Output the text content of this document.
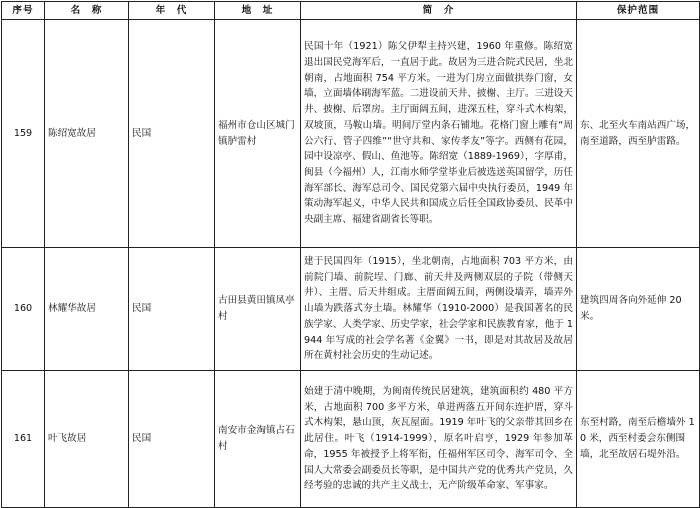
序号	名　称	年　代	地　址	简　介	保护范围
159	陈绍宽故居	民国	福州市仓山区城门镇胪雷村	民国十年（1921）陈父伊犁主持兴建，1960 年重修。陈绍宽退出国民党海军后，一直居于此。故居为三进合院式民居，坐北朝南，占地面积 754 平方米。一进为门房立面做拱券门窗，女墙，立面墙体刷海军蓝。二进设前天井、披榭、主厅。三进设天井、披榭、后罩房。主厅面阔五间，进深五柱，穿斗式木构架，双坡顶，马鞍山墙。明间厅堂内条石铺地。花格门窗上雕有“周公六行、管子四维”“世守共和、家传孝友”等字。西侧有花园，园中设凉亭、假山、鱼池等。陈绍宽（1889-1969），字厚甫，闽县（今福州）人，江南水师学堂毕业后被选送英国留学，历任海军部长、海军总司令、国民党第六届中央执行委员，1949 年策动海军起义，中华人民共和国成立后任全国政协委员、民革中央副主席、福建省副省长等职。	东、北至火车南站西广场，南至道路，西至胪雷路。
160	林耀华故居	民国	古田县黄田镇凤亭村	建于民国四年（1915），坐北朝南，占地面积 703 平方米，由前院门墙、前院埕、门廊、前天井及两侧双层的子院（带侧天井）、主厝、后天井组成。主厝面阔五间，两侧设墙弄，墙弄外山墙为跌落式夯土墙。林耀华（1910-2000）是我国著名的民族学家、人类学家、历史学家，社会学家和民族教育家，他于 1944 年写成的社会学名著《金翼》一书，即是对其故居及故居所在黄村社会历史的生动记述。	建筑四周各向外延伸 20 米。
161	叶飞故居	民国	南安市金淘镇占石村	始建于清中晚期，为闽南传统民居建筑，建筑面积约 480 平方米，占地面积 700 多平方米，单进两落五开间东连护厝，穿斗式木构架，悬山顶，灰瓦屋面。1919 年叶飞的父亲带其回乡在此居住。叶飞（1914-1999），原名叶启亨，1929 年参加革命，1955 年被授予上将军衔，任福州军区司令、海军司令、全国人大常委会副委员长等职，是中国共产党的优秀共产党员，久经考验的忠诚的共产主义战士，无产阶级革命家、军事家。	东至村路，南至后檐墙外 10 米，西至村委会东侧围墙，北至故居石堤外沿。
